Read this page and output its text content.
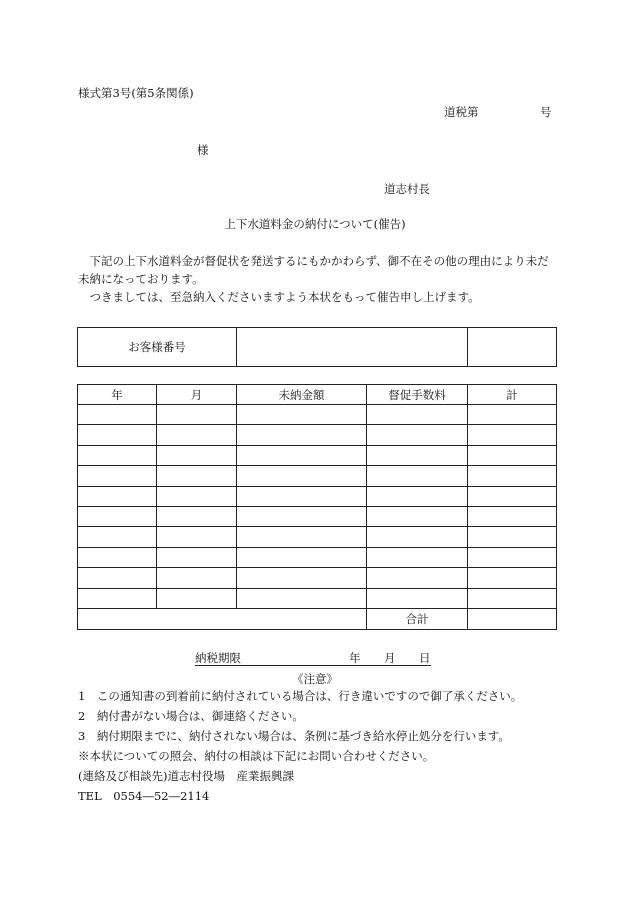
様式第3号(第5条関係)
道税第	号
様
道志村長
上下水道料金の納付について(催告)

下記の上下水道料金が督促状を発送するにもかかわらず、御不在その他の理由により未だ未納になっております。

つきましては、至急納入くださいますよう本状をもって催告申し上げます。

お客様番号		
年	月	未納金額	督促手数料	計

			合計	
納税期限	年 月 日
《注意》
1　この通知書の到着前に納付されている場合は、行き違いですので御了承ください。
2　納付書がない場合は、御連絡ください。
3　納付期限までに、納付されない場合は、条例に基づき給水停止処分を行います。
※本状についての照会、納付の相談は下記にお問い合わせください。
(連絡及び相談先)道志村役場　産業振興課
TEL　0554―52―2114
